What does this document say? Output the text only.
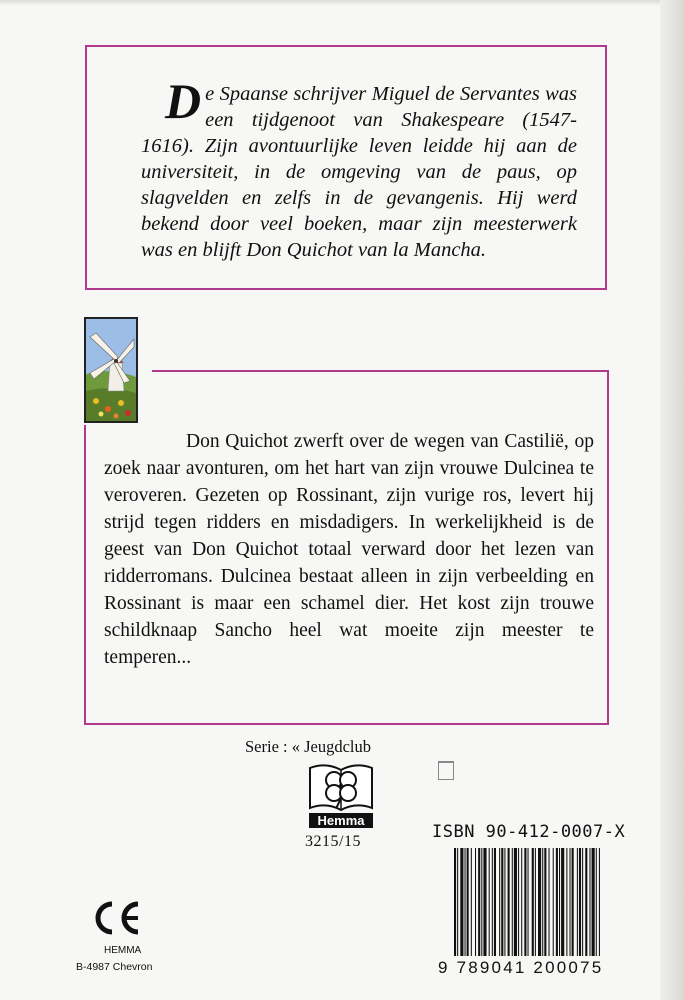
De Spaanse schrijver Miguel de Servantes was een tijdgenoot van Shakespeare (1547-1616). Zijn avontuurlijke leven leidde hij aan de universiteit, in de omgeving van de paus, op slagvelden en zelfs in de gevangenis. Hij werd bekend door veel boeken, maar zijn meesterwerk was en blijft Don Quichot van la Mancha.

Don Quichot zwerft over de wegen van Castilië, op zoek naar avonturen, om het hart van zijn vrouwe Dulcinea te veroveren. Gezeten op Rossinant, zijn vurige ros, levert hij strijd tegen ridders en misdadigers. In werkelijkheid is de geest van Don Quichot totaal verward door het lezen van ridderromans. Dulcinea bestaat alleen in zijn verbeelding en Rossinant is maar een schamel dier. Het kost zijn trouwe schildknaap Sancho heel wat moeite zijn meester te temperen...

Serie : « Jeugdclub
Hemma
3215/15	ISBN 90-412-0007-X
9 789041 200075
HEMMA
B-4987 Chevron
